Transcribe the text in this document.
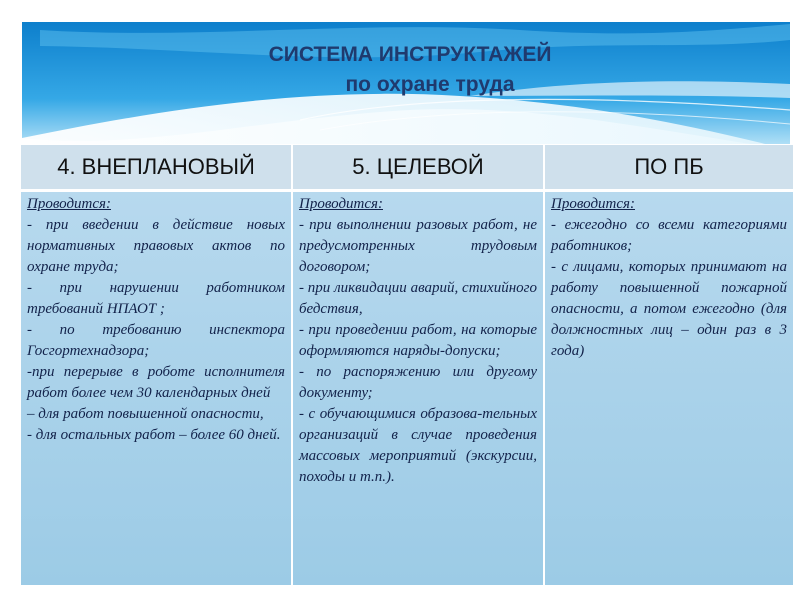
СИСТЕМА ИНСТРУКТАЖЕЙ
по охране труда
4. ВНЕПЛАНОВЫЙ	5. ЦЕЛЕВОЙ	ПО ПБ
Проводится:
- при введении в действие новых нормативных правовых актов по охране труда;
- при нарушении работником требований НПАОТ ;
- по требованию инспектора Госгортехнадзора;
-при перерыве в роботе исполнителя работ более чем 30 календарных дней
– для работ повышенной опасности,
- для остальных работ – более 60 дней.
Проводится:
- при выполнении разовых работ, не предусмотренных трудовым договором;
- при ликвидации аварий, стихийного бедствия,
- при проведении работ, на которые оформляются наряды-допуски;
- по распоряжению или другому документу;
- с обучающимися образова-тельных организаций в случае проведения массовых мероприятий (экскурсии, походы и т.п.).
Проводится:
- ежегодно со всеми категориями работников;
- с лицами, которых принимают на работу повышенной пожарной опасности, а потом ежегодно (для должностных лиц – один раз в 3 года)
